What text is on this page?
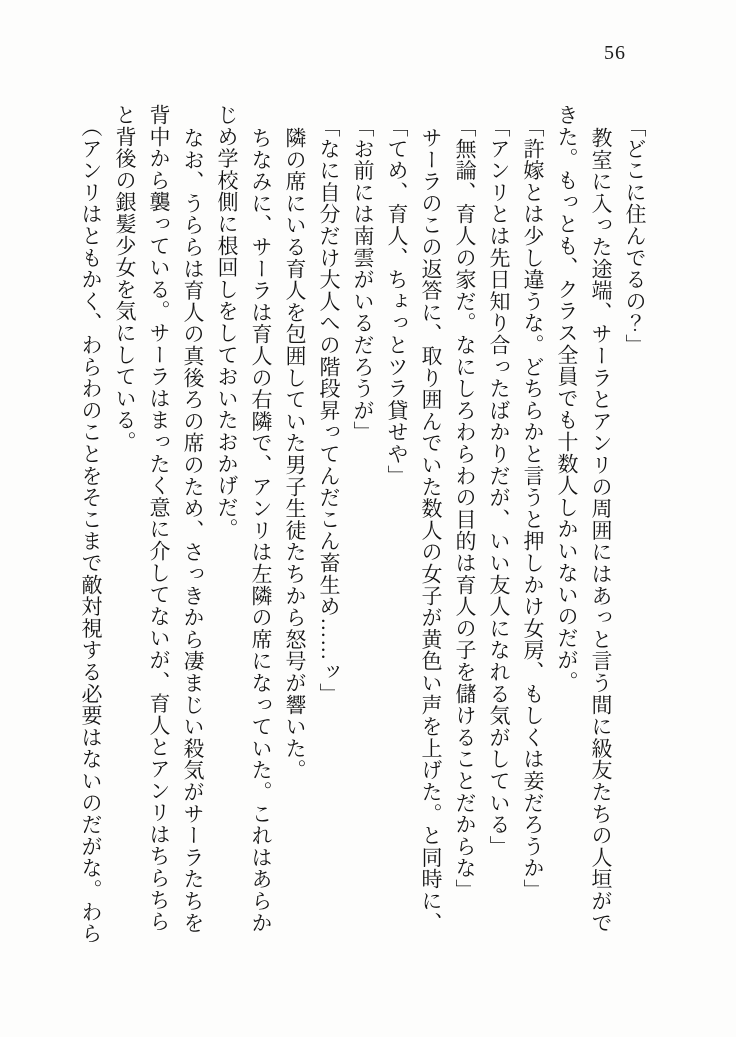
56

「どこに住んでるの？」

教室に入った途端、サーラとアンリの周囲にはあっと言う間に級友たちの人垣ができた。もっとも、クラス全員でも十数人しかいないのだが。

「許嫁とは少し違うな。どちらかと言うと押しかけ女房、もしくは妾だろうか」

「アンリとは先日知り合ったばかりだが、いい友人になれる気がしている」

「無論、育人の家だ。なにしろわらわの目的は育人の子を儲けることだからな」

サーラのこの返答に、取り囲んでいた数人の女子が黄色い声を上げた。と同時に、

「てめ、育人、ちょっとツラ貸せや」

「お前には南雲がいるだろうが」

「なに自分だけ大人への階段昇ってんだこん畜生め……ッ」

隣の席にいる育人を包囲していた男子生徒たちから怒号が響いた。

ちなみに、サーラは育人の右隣で、アンリは左隣の席になっていた。これはあらかじめ学校側に根回しをしておいたおかげだ。

なお、うららは育人の真後ろの席のため、さっきから凄まじい殺気がサーラたちを背中から襲っている。サーラはまったく意に介してないが、育人とアンリはちらちらと背後の銀髪少女を気にしている。

（アンリはともかく、わらわのことをそこまで敵対視する必要はないのだがな。わら
